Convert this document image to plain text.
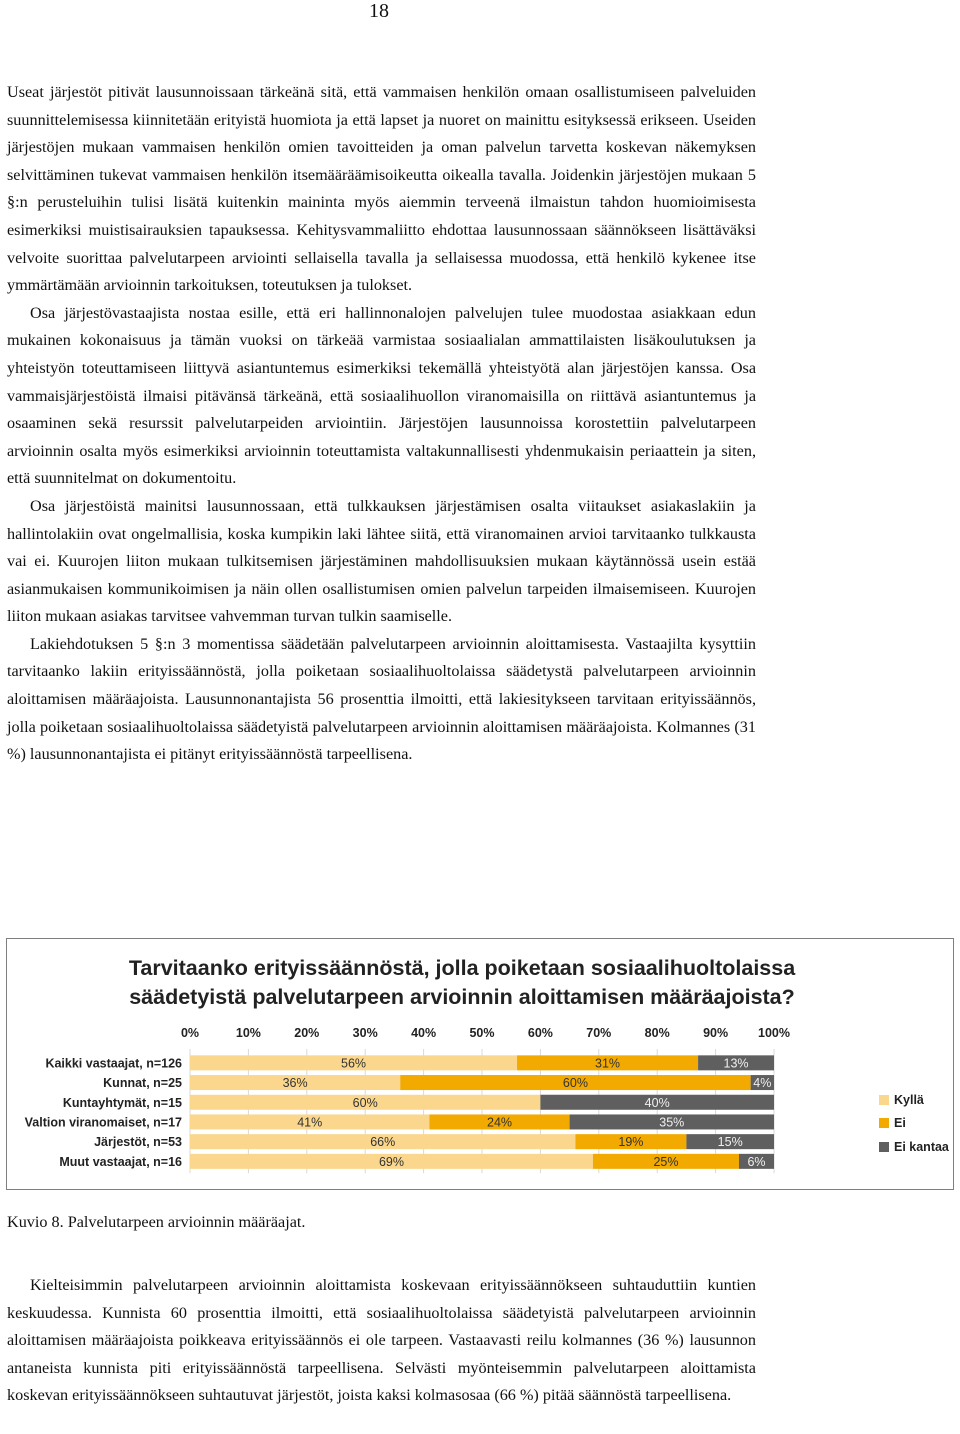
18

Useat järjestöt pitivät lausunnoissaan tärkeänä sitä, että vammaisen henkilön omaan osallistumiseen palveluiden suunnittelemisessa kiinnitetään erityistä huomiota ja että lapset ja nuoret on mainittu esityksessä erikseen. Useiden järjestöjen mukaan vammaisen henkilön omien tavoitteiden ja oman palvelun tarvetta koskevan näkemyksen selvittäminen tukevat vammaisen henkilön itsemääräämisoikeutta oikealla tavalla. Joidenkin järjestöjen mukaan 5 §:n perusteluihin tulisi lisätä kuitenkin maininta myös aiemmin terveenä ilmaistun tahdon huomioimisesta esimerkiksi muistisairauksien tapauksessa. Kehitysvammaliitto ehdottaa lausunnossaan säännökseen lisättäväksi velvoite suorittaa palvelutarpeen arviointi sellaisella tavalla ja sellaisessa muodossa, että henkilö kykenee itse ymmärtämään arvioinnin tarkoituksen, toteutuksen ja tulokset.

Osa järjestövastaajista nostaa esille, että eri hallinnonalojen palvelujen tulee muodostaa asiakkaan edun mukainen kokonaisuus ja tämän vuoksi on tärkeää varmistaa sosiaalialan ammattilaisten lisäkoulutuksen ja yhteistyön toteuttamiseen liittyvä asiantuntemus esimerkiksi tekemällä yhteistyötä alan järjestöjen kanssa. Osa vammaisjärjestöistä ilmaisi pitävänsä tärkeänä, että sosiaalihuollon viranomaisilla on riittävä asiantuntemus ja osaaminen sekä resurssit palvelutarpeiden arviointiin. Järjestöjen lausunnoissa korostettiin palvelutarpeen arvioinnin osalta myös esimerkiksi arvioinnin toteuttamista valtakunnallisesti yhdenmukaisin periaattein ja siten, että suunnitelmat on dokumentoitu.

Osa järjestöistä mainitsi lausunnossaan, että tulkkauksen järjestämisen osalta viitaukset asiakaslakiin ja hallintolakiin ovat ongelmallisia, koska kumpikin laki lähtee siitä, että viranomainen arvioi tarvitaanko tulkkausta vai ei. Kuurojen liiton mukaan tulkitsemisen järjestäminen mahdollisuuksien mukaan käytännössä usein estää asianmukaisen kommunikoimisen ja näin ollen osallistumisen omien palvelun tarpeiden ilmaisemiseen. Kuurojen liiton mukaan asiakas tarvitsee vahvemman turvan tulkin saamiselle.

Lakiehdotuksen 5 §:n 3 momentissa säädetään palvelutarpeen arvioinnin aloittamisesta. Vastaajilta kysyttiin tarvitaanko lakiin erityissäännöstä, jolla poiketaan sosiaalihuoltolaissa säädetystä palvelutarpeen arvioinnin aloittamisen määräajoista. Lausunnonantajista 56 prosenttia ilmoitti, että lakiesitykseen tarvitaan erityissäännös, jolla poiketaan sosiaalihuoltolaissa säädetyistä palvelutarpeen arvioinnin aloittamisen määräajoista. Kolmannes (31 %) lausunnonantajista ei pitänyt erityissäännöstä tarpeellisena.

Tarvitaanko erityissäännöstä, jolla poiketaan sosiaalihuoltolaissa
säädetyistä palvelutarpeen arvioinnin aloittamisen määräajoista?
0%	10%	20%	30%	40%	50%	60%	70%	80%	90% 100%
Kaikki vastaajat, n=126	56%	31%	13%
Kunnat, n=25	36%	60%	4%
Kuntayhtymät, n=15	60%	40%
Valtion viranomaiset, n=17	41%	24%	35%
Järjestöt, n=53	66%	19%	15%
Muut vastaajat, n=16	69%	25%	6%
Kyllä
Ei
Ei kantaa
Kuvio 8. Palvelutarpeen arvioinnin määräajat.

Kielteisimmin palvelutarpeen arvioinnin aloittamista koskevaan erityissäännökseen suhtauduttiin kuntien keskuudessa. Kunnista 60 prosenttia ilmoitti, että sosiaalihuoltolaissa säädetyistä palvelutarpeen arvioinnin aloittamisen määräajoista poikkeava erityissäännös ei ole tarpeen. Vastaavasti reilu kolmannes (36 %) lausunnon antaneista kunnista piti erityissäännöstä tarpeellisena. Selvästi myönteisemmin palvelutarpeen aloittamista koskevan erityissäännökseen suhtautuvat järjestöt, joista kaksi kolmasosaa (66 %) pitää säännöstä tarpeellisena.
